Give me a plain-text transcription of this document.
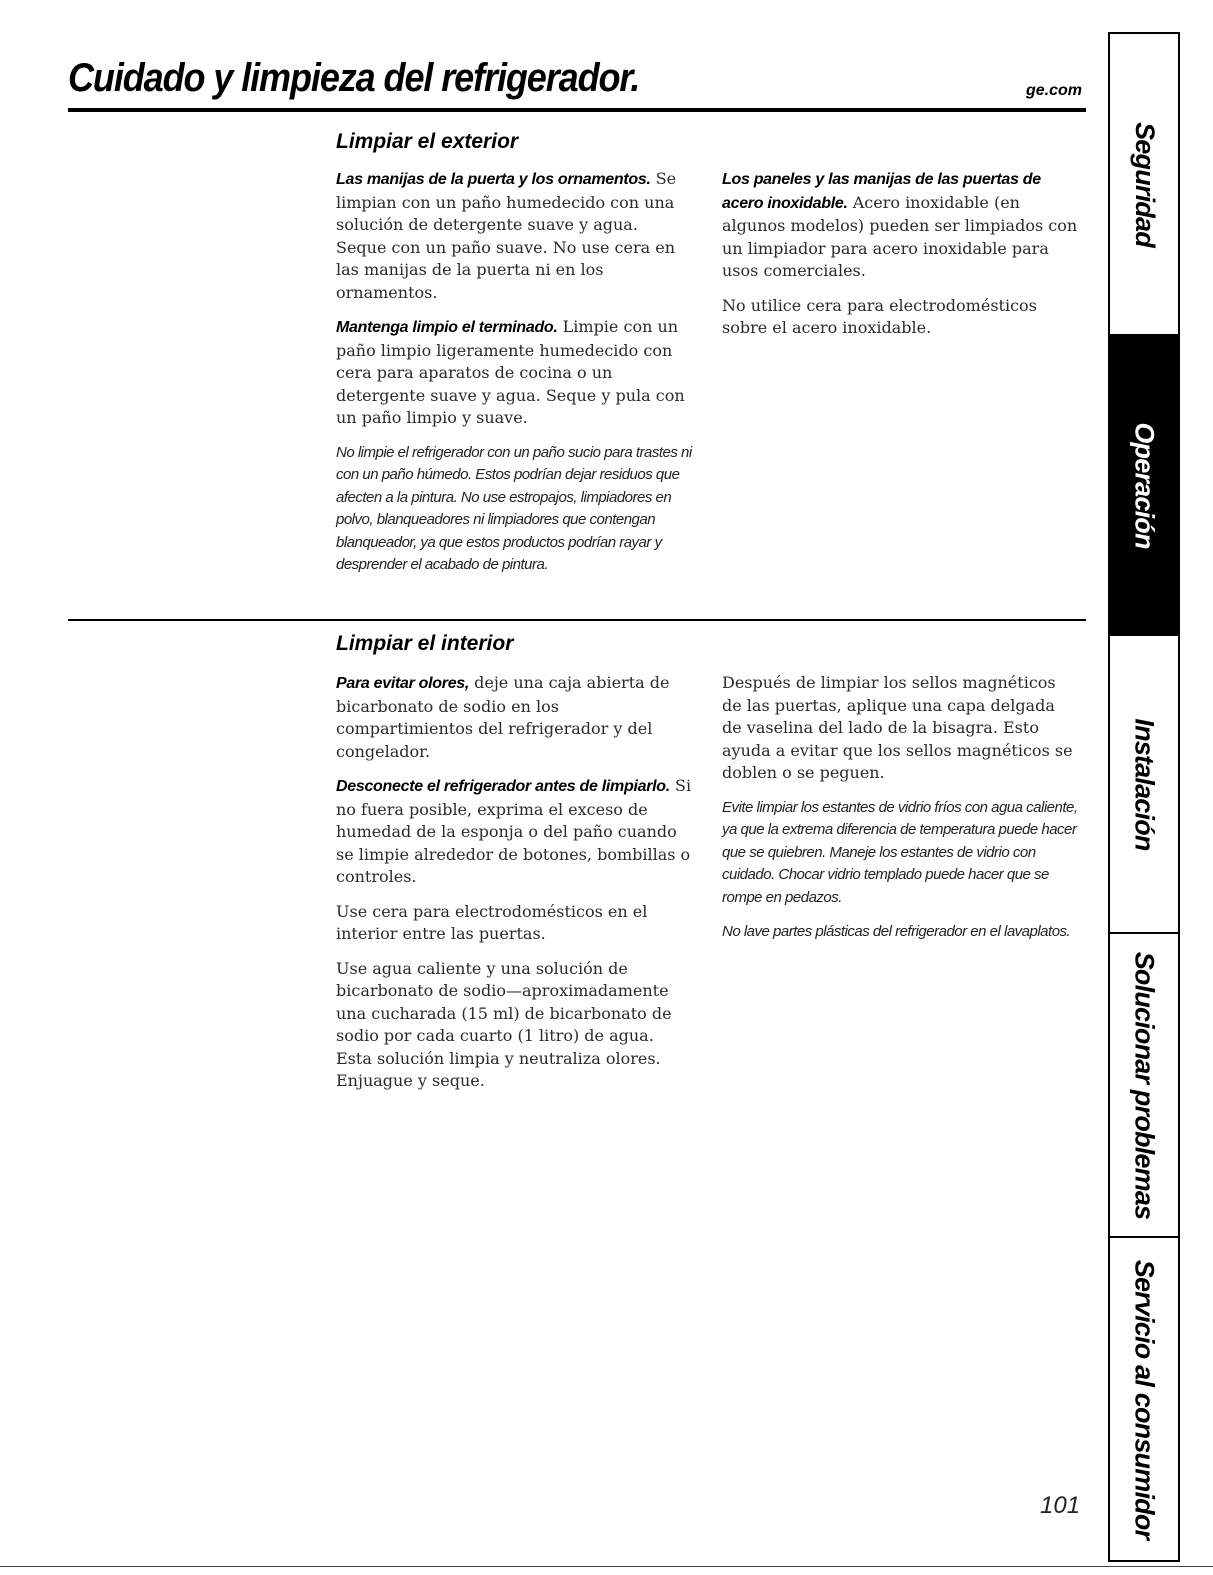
Cuidado y limpieza del refrigerador.	ge.com
Limpiar el exterior

Las manijas de la puerta y los ornamentos. Se limpian con un paño humedecido con una solución de detergente suave y agua. Seque con un paño suave. No use cera en las manijas de la puerta ni en los ornamentos.

Mantenga limpio el terminado. Limpie con un paño limpio ligeramente humedecido con cera para aparatos de cocina o un detergente suave y agua. Seque y pula con un paño limpio y suave.

No limpie el refrigerador con un paño sucio para trastes ni con un paño húmedo. Estos podrían dejar residuos que afecten a la pintura. No use estropajos, limpiadores en polvo, blanqueadores ni limpiadores que contengan blanqueador, ya que estos productos podrían rayar y desprender el acabado de pintura.

Los paneles y las manijas de las puertas de acero inoxidable. Acero inoxidable (en algunos modelos) pueden ser limpiados con un limpiador para acero inoxidable para usos comerciales.

No utilice cera para electrodomésticos sobre el acero inoxidable.

Limpiar el interior

Para evitar olores, deje una caja abierta de bicarbonato de sodio en los compartimientos del refrigerador y del congelador.

Desconecte el refrigerador antes de limpiarlo. Si no fuera posible, exprima el exceso de humedad de la esponja o del paño cuando se limpie alrededor de botones, bombillas o controles.

Use cera para electrodomésticos en el interior entre las puertas.

Use agua caliente y una solución de bicarbonato de sodio—aproximadamente una cucharada (15 ml) de bicarbonato de sodio por cada cuarto (1 litro) de agua. Esta solución limpia y neutraliza olores. Enjuague y seque.

Después de limpiar los sellos magnéticos de las puertas, aplique una capa delgada de vaselina del lado de la bisagra. Esto ayuda a evitar que los sellos magnéticos se doblen o se peguen.

Evite limpiar los estantes de vidrio fríos con agua caliente, ya que la extrema diferencia de temperatura puede hacer que se quiebren. Maneje los estantes de vidrio con cuidado. Chocar vidrio templado puede hacer que se rompe en pedazos.

No lave partes plásticas del refrigerador en el lavaplatos.

Seguridad
Operación
Instalación
Solucionar problemas
Servicio al consumidor
101
